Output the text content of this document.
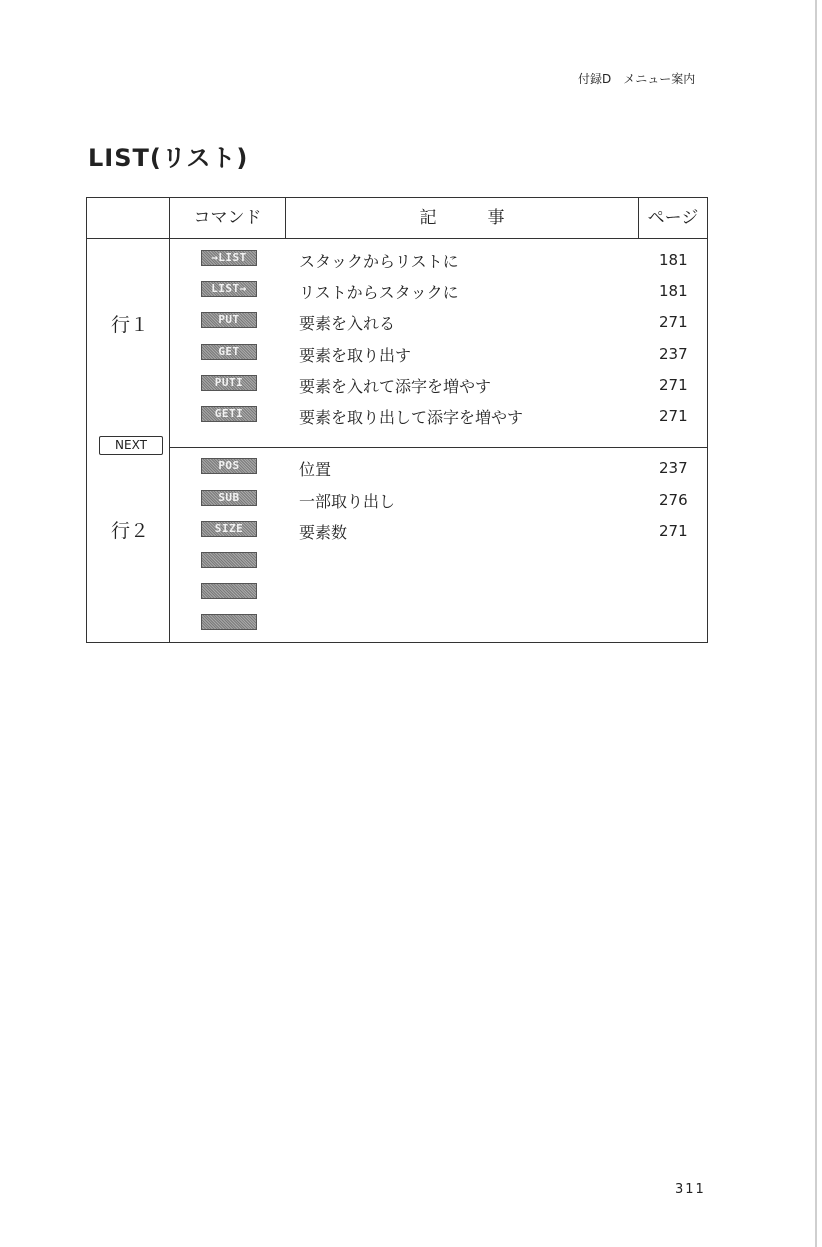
付録D　メニュー案内
LIST(リスト)
コマンド	記　　　事	ページ
行１
NEXT
行２
→LIST	スタックからリストに	181
LIST→	リストからスタックに	181
PUT	要素を入れる	271
GET	要素を取り出す	237
PUTI	要素を入れて添字を増やす	271
GETI	要素を取り出して添字を増やす	271
POS	位置	237
SUB	一部取り出し	276
SIZE	要素数	271
311
